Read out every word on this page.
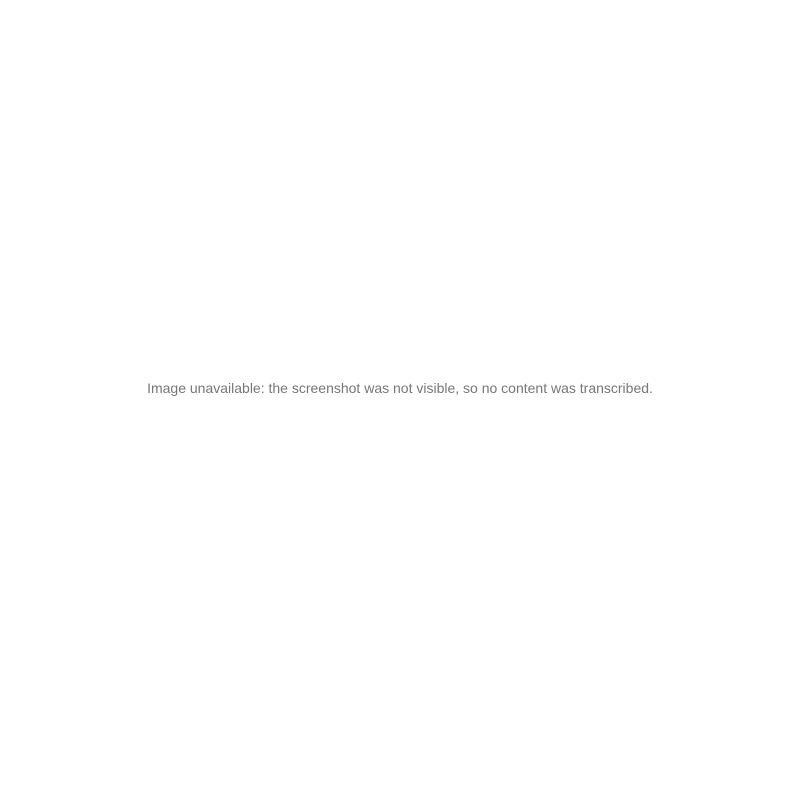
Image unavailable: the screenshot was not visible, so no content was transcribed.
